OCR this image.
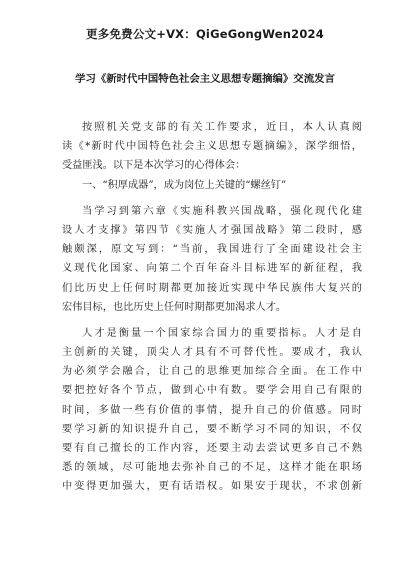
更多免费公文+VX：QiGeGongWen2024
学习《新时代中国特色社会主义思想专题摘编》交流发言
按照机关党支部的有关工作要求，近日，本人认真阅
读《*新时代中国特色社会主义思想专题摘编》，深学细悟，
受益匪浅。以下是本次学习的心得体会：
一、“积厚成器”，成为岗位上关键的“螺丝钉”
当学习到第六章《实施科教兴国战略，强化现代化建
设人才支撑》第四节《实施人才强国战略》第二段时，感
触颇深，原文写到：“当前，我国进行了全面建设社会主
义现代化国家、向第二个百年奋斗目标进军的新征程，我
们比历史上任何时期都更加接近实现中华民族伟大复兴的
宏伟目标，也比历史上任何时期都更加渴求人才。
人才是衡量一个国家综合国力的重要指标。人才是自
主创新的关键，顶尖人才具有不可替代性。要成才，我认
为必须学会融合，让自己的思维更加综合全面。在工作中
要把控好各个节点，做到心中有数。要学会用自己有限的
时间，多做一些有价值的事情，提升自己的价值感。同时
要学习新的知识提升自己，要不断学习不同的知识，不仅
要有自己擅长的工作内容，还要主动去尝试更多自己不熟
悉的领域，尽可能地去弥补自己的不足，这样才能在职场
中变得更加强大，更有话语权。如果安于现状，不求创新
